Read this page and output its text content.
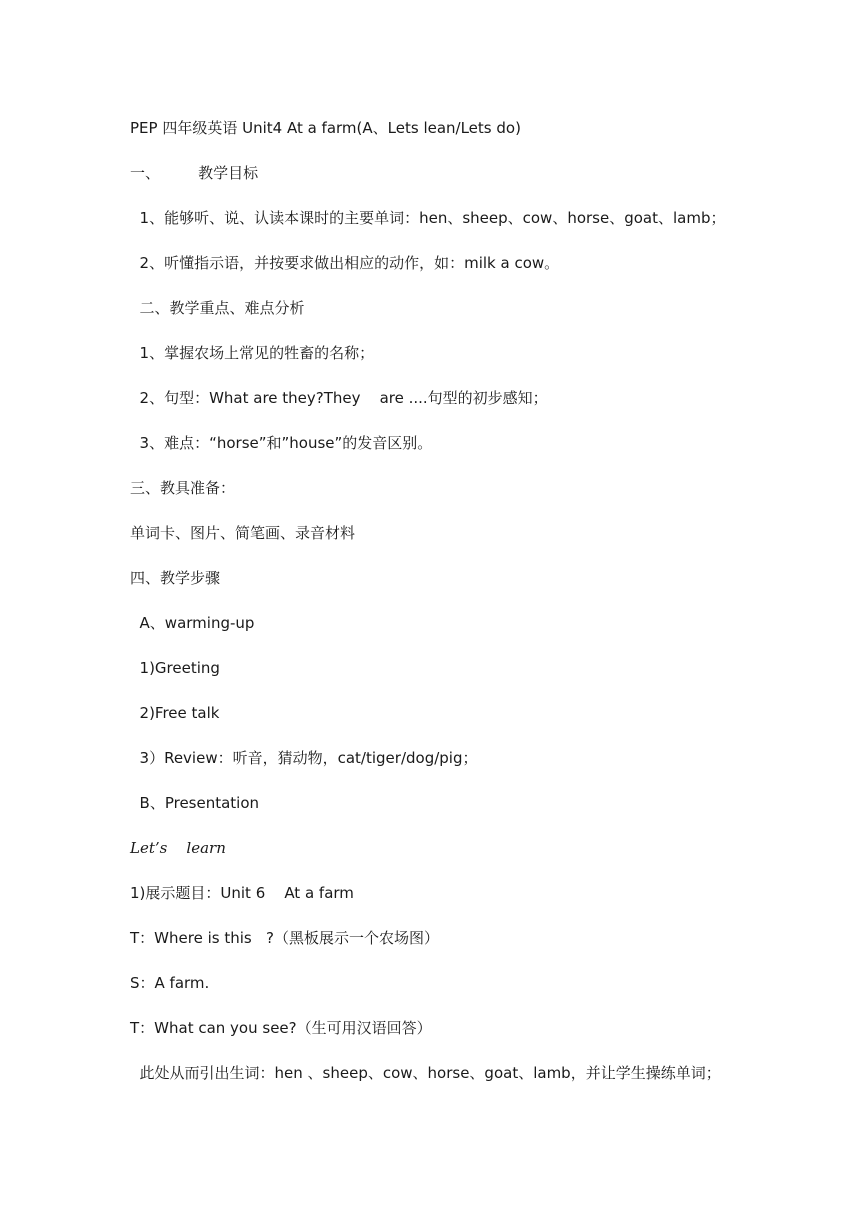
PEP 四年级英语 Unit4 At a farm(A、Lets lean/Lets do)
一、        教学目标
1、能够听、说、认读本课时的主要单词：hen、sheep、cow、horse、goat、lamb；
2、听懂指示语，并按要求做出相应的动作，如：milk a cow。
二、教学重点、难点分析
1、掌握农场上常见的牲畜的名称；
2、句型：What are they?They    are ....句型的初步感知；
3、难点：“horse”和”house”的发音区别。
三、教具准备：
单词卡、图片、简笔画、录音材料
四、教学步骤
A、warming-up
1)Greeting
2)Free talk
3）Review：听音，猜动物，cat/tiger/dog/pig；
B、Presentation
Let’s    learn
1)展示题目：Unit 6    At a farm
T：Where is this   ?（黑板展示一个农场图）
S：A farm.
T：What can you see?（生可用汉语回答）
此处从而引出生词：hen 、sheep、cow、horse、goat、lamb，并让学生操练单词；
